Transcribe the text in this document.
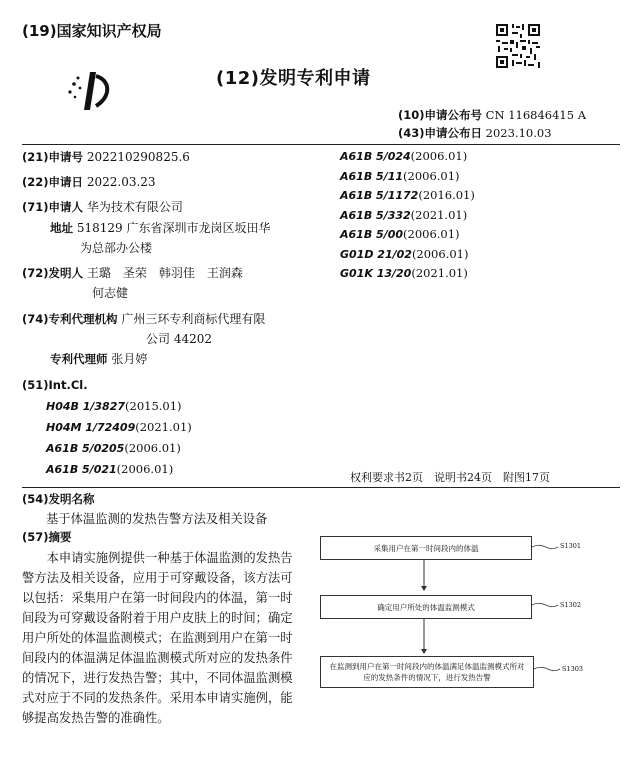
(19)国家知识产权局
(12)发明专利申请
(10)申请公布号 CN 116846415 A
(43)申请公布日 2023.10.03
(21)申请号 202210290825.6
(22)申请日 2022.03.23
(71)申请人 华为技术有限公司
地址 518129 广东省深圳市龙岗区坂田华
为总部办公楼
(72)发明人 王璐　圣荣　韩羽佳　王润森
何志健
(74)专利代理机构 广州三环专利商标代理有限
公司 44202
专利代理师 张月婷
(51)Int.Cl.
H04B 1/3827(2015.01)
H04M 1/72409(2021.01)
A61B 5/0205(2006.01)
A61B 5/021(2006.01)
A61B 5/024(2006.01)
A61B 5/11(2006.01)
A61B 5/1172(2016.01)
A61B 5/332(2021.01)
A61B 5/00(2006.01)
G01D 21/02(2006.01)
G01K 13/20(2021.01)
权利要求书2页　说明书24页　附图17页
(54)发明名称
基于体温监测的发热告警方法及相关设备
(57)摘要

本申请实施例提供一种基于体温监测的发热告警方法及相关设备，应用于可穿戴设备，该方法可以包括：采集用户在第一时间段内的体温，第一时间段为可穿戴设备附着于用户皮肤上的时间；确定用户所处的体温监测模式；在监测到用户在第一时间段内的体温满足体温监测模式所对应的发热条件的情况下，进行发热告警；其中，不同体温监测模式对应于不同的发热条件。采用本申请实施例，能够提高发热告警的准确性。

采集用户在第一时间段内的体温	S1301
确定用户所处的体温监测模式	S1302
在监测到用户在第一时间段内的体温满足体温监测模式所对应的发热条件的情况下，进行发热告警
S1303
